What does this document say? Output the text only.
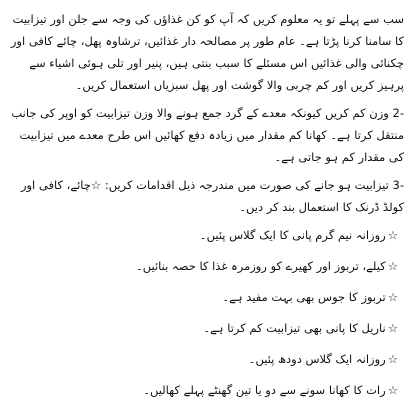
سب سے پہلے تو یہ معلوم کریں کہ آپ کو کن غذاؤں کی وجہ سے جلن اور تیزابیت کا سامنا کرنا پڑتا ہے۔ عام طور پر مصالحہ دار غذائیں، ترشاوہ پھل، چائے کافی اور چکنائی والی غذائیں اس مسئلے کا سبب بنتی ہیں، پنیر اور تلی ہوئی اشیاء سے پرہیز کریں اور کم چربی والا گوشت اور پھل سبزیاں استعمال کریں۔

-2 وزن کم کریں کیونکہ معدے کے گرد جمع ہونے والا وزن تیزابیت کو اوپر کی جانب منتقل کرتا ہے۔ کھانا کم مقدار میں زیادہ دفع کھائیں اس طرح معدے میں تیزابیت کی مقدار کم ہو جاتی ہے۔

-3 تیزابیت ہو جانے کی صورت میں مندرجہ ذیل اقدامات کریں: ☆چائے، کافی اور کولڈ ڈرنک کا استعمال بند کر دیں۔

☆روزانہ نیم گرم پانی کا ایک گلاس پئیں۔

☆کیلے، تربوز اور کھیرے کو روزمرہ غذا کا حصہ بنائیں۔

☆تربوز کا جوس بھی بہت مفید ہے۔

☆ناریل کا پانی بھی تیزابیت کم کرتا ہے۔

☆روزانہ ایک گلاس دودھ پئیں۔

☆رات کا کھانا سونے سے دو یا تین گھنٹے پہلے کھالیں۔
